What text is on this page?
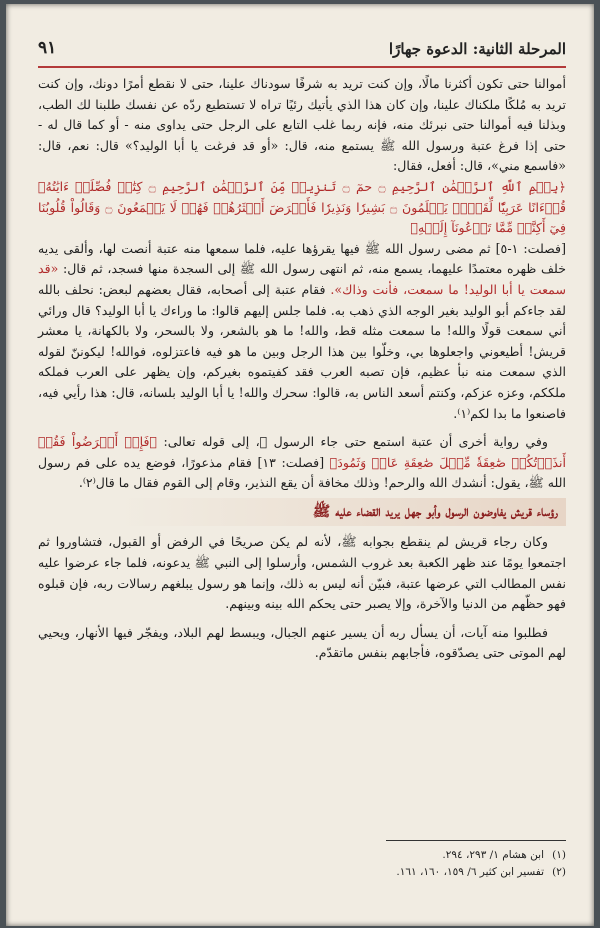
المرحلة الثانية: الدعوة جهارًا
٩١

أموالنا حتى تكون أكثرنا مالًا، وإن كنت تريد به شرفًا سودناك علينا، حتى لا نقطع أمرًا دونك، وإن كنت تريد به مُلكًا ملكناك علينا، وإن كان هذا الذي يأتيك رئيًا تراه لا تستطيع ردّه عن نفسك طلبنا لك الطب، وبذلنا فيه أموالنا حتى نبرئك منه، فإنه ربما غلب التابع على الرجل حتى يداوى منه - أو كما قال له - حتى إذا فرغ عتبة ورسول الله ﷺ يستمع منه، قال: «أو قد فرغت يا أبا الوليد؟» قال: نعم، قال: «فاسمع مني»، قال: أفعل، فقال:

﴿بِسۡمِ ٱللَّهِ ٱلرَّحۡمَٰنِ ٱلرَّحِيمِ ۝ حمٓ ۝ تَنزِيلٞ مِّنَ ٱلرَّحۡمَٰنِ ٱلرَّحِيمِ ۝ كِتَٰبٞ فُصِّلَتۡ ءَايَٰتُهُۥ قُرۡءَانًا عَرَبِيّٗا لِّقَوۡمٖ يَعۡلَمُونَ ۝ بَشِيرٗا وَنَذِيرٗا فَأَعۡرَضَ أَكۡثَرُهُمۡ فَهُمۡ لَا يَسۡمَعُونَ ۝ وَقَالُواْ قُلُوبُنَا فِيٓ أَكِنَّةٖ مِّمَّا تَدۡعُونَآ إِلَيۡهِ﴾

[فصلت: ١-٥] ثم مضى رسول الله ﷺ فيها يقرؤها عليه، فلما سمعها منه عتبة أنصت لها، وألقى يديه خلف ظهره معتمدًا عليهما، يسمع منه، ثم انتهى رسول الله ﷺ إلى السجدة منها فسجد، ثم قال: «قد سمعت يا أبا الوليد! ما سمعت، فأنت وذاك». فقام عتبة إلى أصحابه، فقال بعضهم لبعض: نحلف بالله لقد جاءكم أبو الوليد بغير الوجه الذي ذهب به. فلما جلس إليهم قالوا: ما وراءك يا أبا الوليد؟ قال ورائي أني سمعت قولًا والله! ما سمعت مثله قط، والله! ما هو بالشعر، ولا بالسحر، ولا بالكهانة، يا معشر قريش! أطيعوني واجعلوها بي، وخلّوا بين هذا الرجل وبين ما هو فيه فاعتزلوه، فوالله! ليكوننّ لقوله الذي سمعت منه نبأ عظيم، فإن تصبه العرب فقد كفيتموه بغيركم، وإن يظهر على العرب فملكه ملككم، وعزه عزكم، وكنتم أسعد الناس به، قالوا: سحرك والله! يا أبا الوليد بلسانه، قال: هذا رأيي فيه، فاصنعوا ما بدا لكم⁽١⁾.

وفي رواية أخرى أن عتبة استمع حتى جاء الرسول ﷺ، إلى قوله تعالى: ﴿فَإِنۡ أَعۡرَضُواْ فَقُلۡ أَنذَرۡتُكُمۡ صَٰعِقَةٗ مِّثۡلَ صَٰعِقَةِ عَادٖ وَثَمُودَ﴾ [فصلت: ١٣] فقام مذعورًا، فوضع يده على فم رسول الله ﷺ، يقول: أنشدك الله والرحم! وذلك مخافة أن يقع النذير، وقام إلى القوم فقال ما قال⁽٢⁾.

رؤساء قريش يفاوضون الرسول وأبو جهل يريد القضاء عليه ﷺ

وكان رجاء قريش لم ينقطع بجوابه ﷺ، لأنه لم يكن صريحًا في الرفض أو القبول، فتشاوروا ثم اجتمعوا يومًا عند ظهر الكعبة بعد غروب الشمس، وأرسلوا إلى النبي ﷺ يدعونه، فلما جاء عرضوا عليه نفس المطالب التي عرضها عتبة، فبيّن أنه ليس به ذلك، وإنما هو رسول يبلغهم رسالات ربه، فإن قبلوه فهو حظّهم من الدنيا والآخرة، وإلا يصبر حتى يحكم الله بينه وبينهم.

فطلبوا منه آيات، أن يسأل ربه أن يسير عنهم الجبال، ويبسط لهم البلاد، ويفجّر فيها الأنهار، ويحيي لهم الموتى حتى يصدّقوه، فأجابهم بنفس ماتقدّم.

(١)
ابن هشام ١/ ٢٩٣، ٢٩٤.
(٢)
تفسير ابن كثير ٦/ ١٥٩، ١٦٠، ١٦١.
